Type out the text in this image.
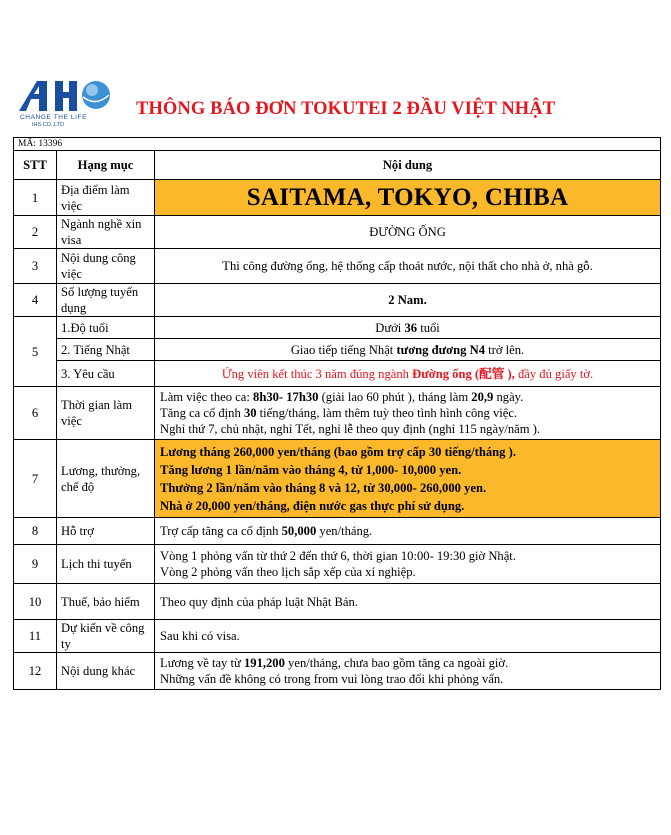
CHANGE THE LIFE
IHS CO.,LTD
THÔNG BÁO ĐƠN TOKUTEI 2 ĐẦU VIỆT NHẬT
MÃ: 13396		
STT	Hạng mục	Nội dung
1	Địa điểm làm việc	SAITAMA, TOKYO, CHIBA
2	Ngành nghề xin visa	ĐƯỜNG ỐNG
3	Nội dung công việc	Thi công đường ống, hệ thống cấp thoát nước, nội thất cho nhà ở, nhà gỗ.
4	Số lượng tuyển dụng	2 Nam.
5	1.Độ tuổi	Dưới 36 tuổi
	2. Tiếng Nhật	Giao tiếp tiếng Nhật tương đương N4 trở lên.
	3. Yêu cầu	Ứng viên kết thúc 3 năm đúng ngành Đường ống (配管 ), đầy đủ giấy tờ.
6	Thời gian làm việc	Làm việc theo ca: 8h30- 17h30 (giải lao 60 phút ), tháng làm 20,9 ngày.
Tăng ca cố định 30 tiếng/tháng, làm thêm tuỳ theo tình hình công việc.
Nghỉ thứ 7, chủ nhật, nghỉ Tết, nghỉ lễ theo quy định (nghỉ 115 ngày/năm ).

7	Lương, thưởng, chế độ	Lương tháng 260,000 yen/tháng (bao gồm trợ cấp 30 tiếng/tháng ).
Tăng lương 1 lần/năm vào tháng 4, từ 1,000- 10,000 yen.
Thưởng 2 lần/năm vào tháng 8 và 12, từ 30,000- 260,000 yen.
Nhà ở 20,000 yen/tháng, điện nước gas thực phí sử dụng.

8	Hỗ trợ	Trợ cấp tăng ca cố định 50,000 yen/tháng.
9	Lịch thi tuyển	Vòng 1 phỏng vấn từ thứ 2 đến thứ 6, thời gian 10:00- 19:30 giờ Nhật.
Vòng 2 phỏng vấn theo lịch sắp xếp của xí nghiệp.

10	Thuế, bảo hiểm	Theo quy định của pháp luật Nhật Bản.
11	Dự kiến về công ty	Sau khi có visa.
12	Nội dung khác	Lương về tay từ 191,200 yen/tháng, chưa bao gồm tăng ca ngoài giờ.
Những vấn đề không có trong from vui lòng trao đổi khi phỏng vấn.
